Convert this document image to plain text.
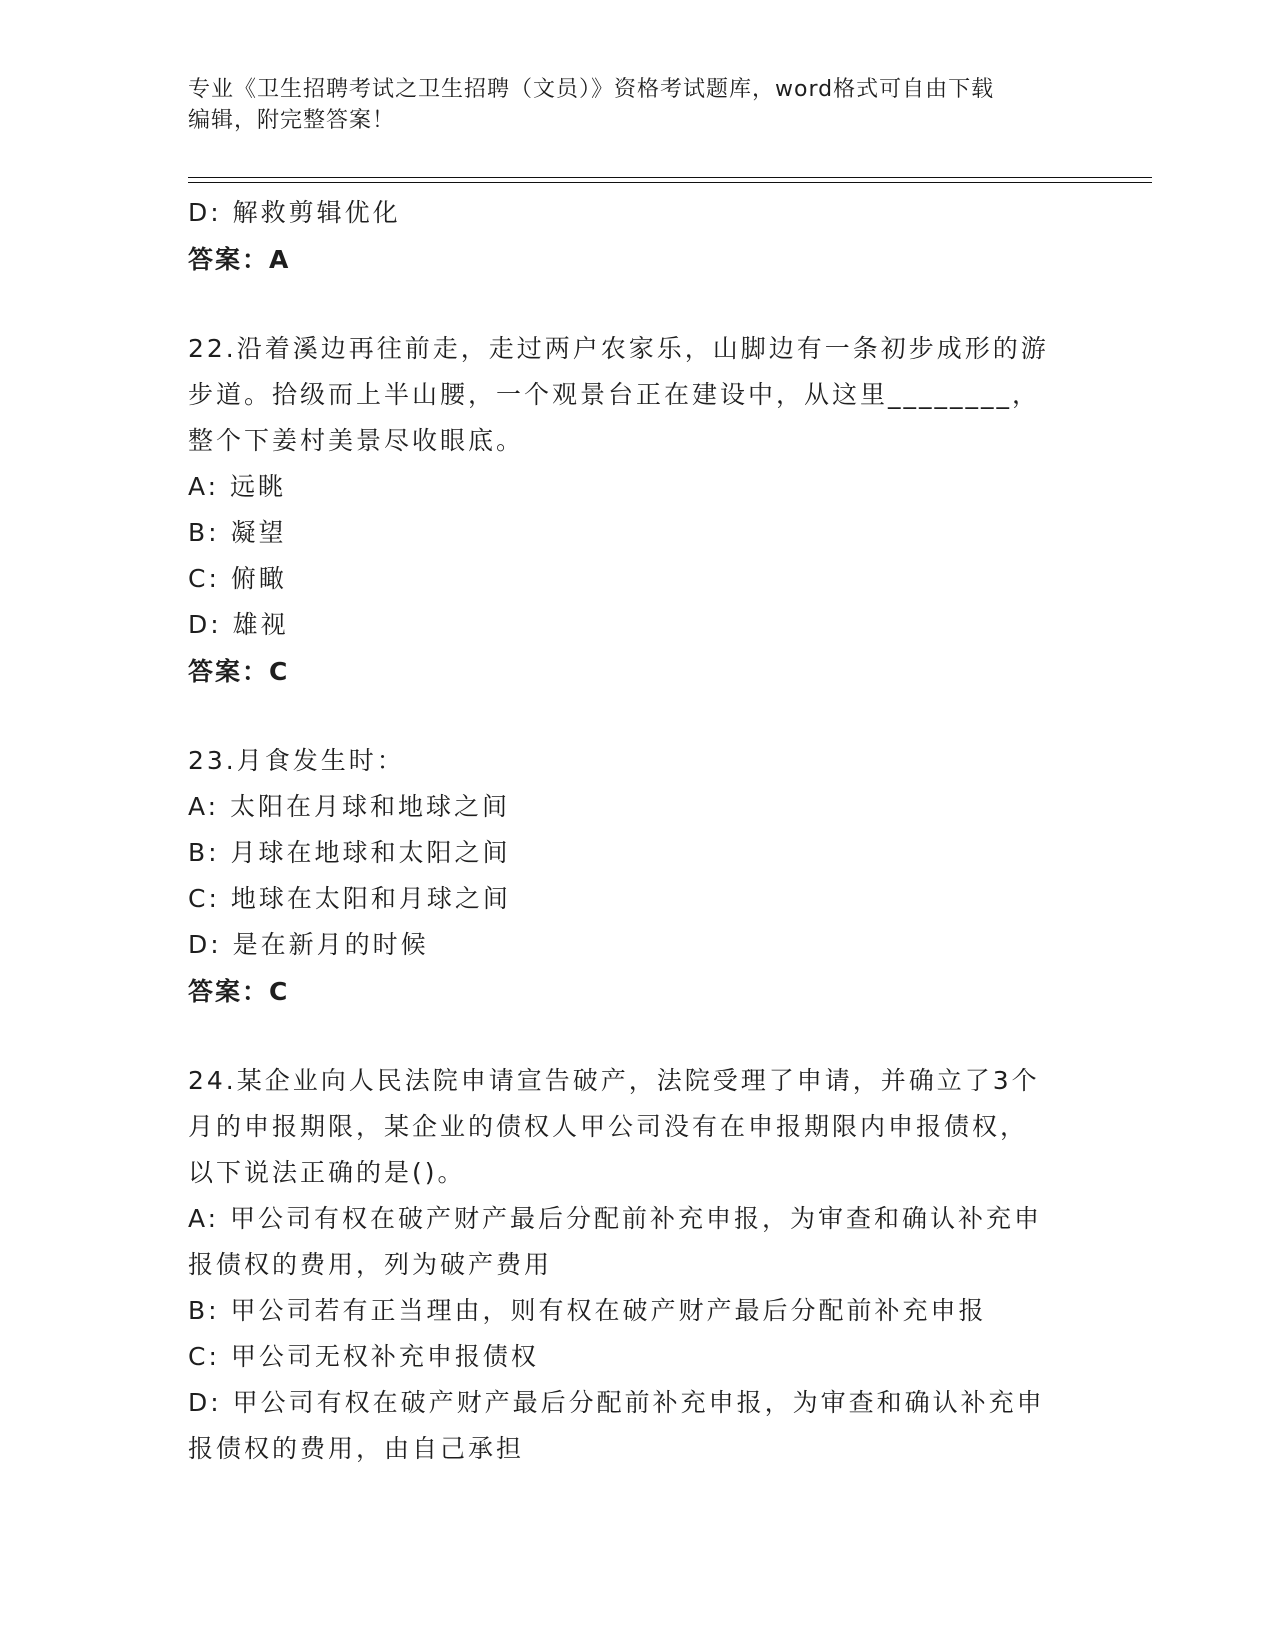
专业《卫生招聘考试之卫生招聘（文员）》资格考试题库，word格式可自由下载
编辑，附完整答案！
D: 解救剪辑优化
答案：A
22.沿着溪边再往前走，走过两户农家乐，山脚边有一条初步成形的游
步道。拾级而上半山腰，一个观景台正在建设中，从这里________，
整个下姜村美景尽收眼底。
A: 远眺
B: 凝望
C: 俯瞰
D: 雄视
答案：C
23.月食发生时：
A: 太阳在月球和地球之间
B: 月球在地球和太阳之间
C: 地球在太阳和月球之间
D: 是在新月的时候
答案：C
24.某企业向人民法院申请宣告破产，法院受理了申请，并确立了3个
月的申报期限，某企业的债权人甲公司没有在申报期限内申报债权，
以下说法正确的是()。
A: 甲公司有权在破产财产最后分配前补充申报，为审查和确认补充申
报债权的费用，列为破产费用
B: 甲公司若有正当理由，则有权在破产财产最后分配前补充申报
C: 甲公司无权补充申报债权
D: 甲公司有权在破产财产最后分配前补充申报，为审查和确认补充申
报债权的费用，由自己承担
